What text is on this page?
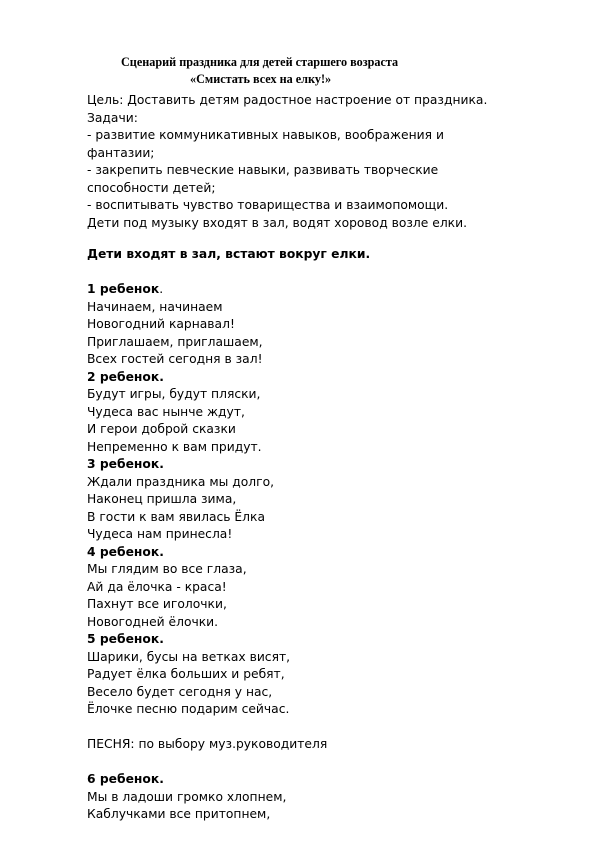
Сценарий праздника для детей старшего возраста
«Смистать всех на елку!»
Цель: Доставить детям радостное настроение от праздника.
Задачи:
- развитие коммуникативных навыков, воображения и
фантазии;
- закрепить певческие навыки, развивать творческие
способности детей;
- воспитывать чувство товарищества и взаимопомощи.
Дети под музыку входят в зал, водят хоровод возле елки.
Дети входят в зал, встают вокруг елки.
1 ребенок.
Начинаем, начинаем
Новогодний карнавал!
Приглашаем, приглашаем,
Всех гостей сегодня в зал!
2 ребенок.
Будут игры, будут пляски,
Чудеса вас нынче ждут,
И герои доброй сказки
Непременно к вам придут.
3 ребенок.
Ждали праздника мы долго,
Наконец пришла зима,
В гости к вам явилась Ёлка
Чудеса нам принесла!
4 ребенок.
Мы глядим во все глаза,
Ай да ёлочка - краса!
Пахнут все иголочки,
Новогодней ёлочки.
5 ребенок.
Шарики, бусы на ветках висят,
Радует ёлка больших и ребят,
Весело будет сегодня у нас,
Ёлочке песню подарим сейчас.
ПЕСНЯ: по выбору муз.руководителя
6 ребенок.
Мы в ладоши громко хлопнем,
Каблучками все притопнем,
